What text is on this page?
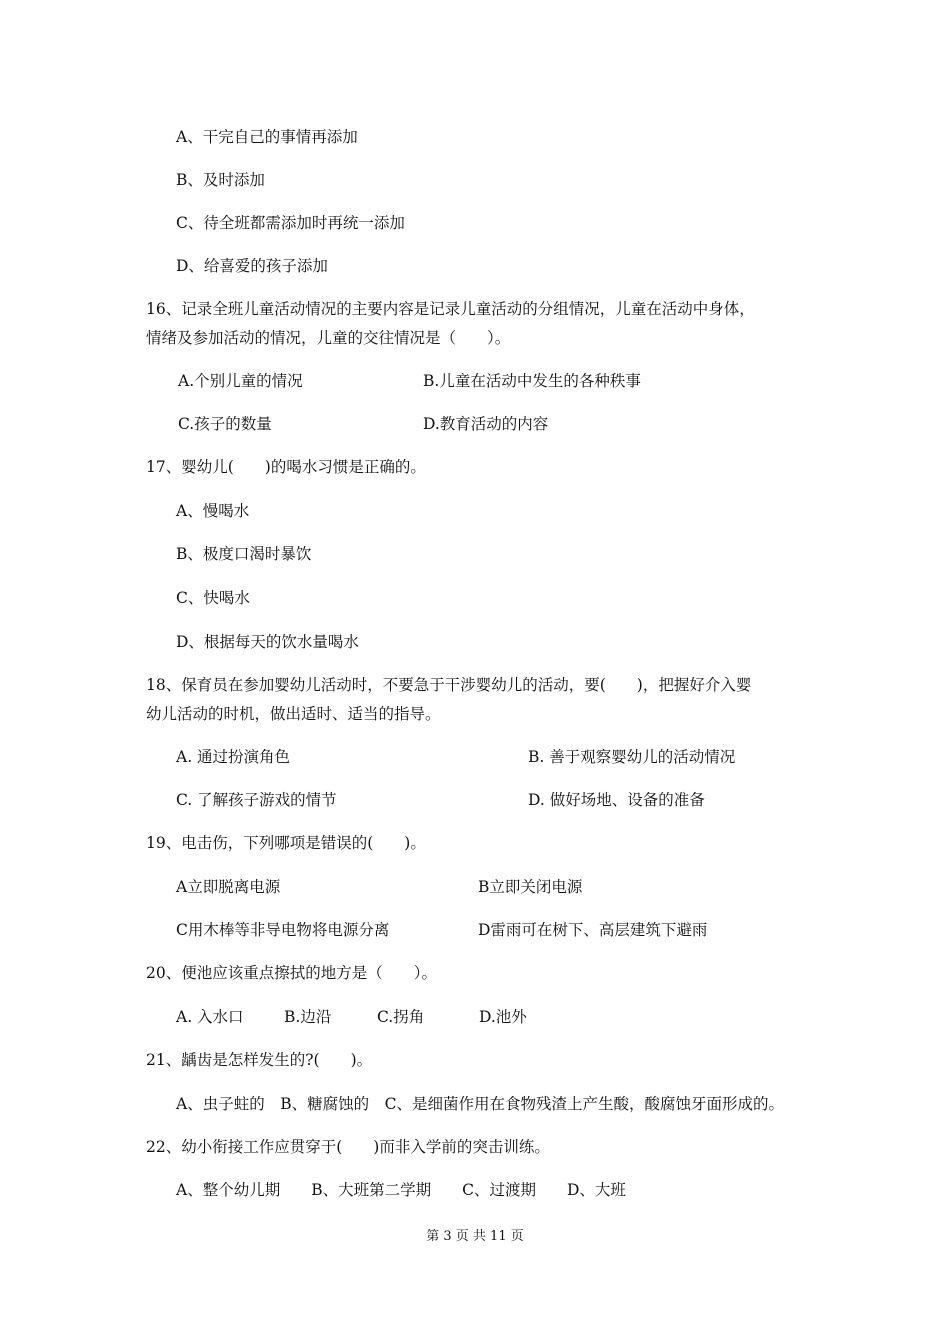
A、干完自己的事情再添加
B、及时添加
C、待全班都需添加时再统一添加
D、给喜爱的孩子添加
16、记录全班儿童活动情况的主要内容是记录儿童活动的分组情况，儿童在活动中身体，
情绪及参加活动的情况，儿童的交往情况是（　　）。
A.个别儿童的情况	B.儿童在活动中发生的各种秩事
C.孩子的数量	D.教育活动的内容
17、婴幼儿(　　)的喝水习惯是正确的。
A、慢喝水
B、极度口渴时暴饮
C、快喝水
D、根据每天的饮水量喝水
18、保育员在参加婴幼儿活动时，不要急于干涉婴幼儿的活动，要(　　)，把握好介入婴
幼儿活动的时机，做出适时、适当的指导。
A. 通过扮演角色	B. 善于观察婴幼儿的活动情况
C. 了解孩子游戏的情节	D. 做好场地、设备的准备
19、电击伤，下列哪项是错误的(　　)。
A立即脱离电源	B立即关闭电源
C用木棒等非导电物将电源分离	D雷雨可在树下、高层建筑下避雨
20、便池应该重点擦拭的地方是（　　）。
A. 入水口	B.边沿	C.拐角	D.池外
21、龋齿是怎样发生的?(　　)。
A、虫子蛀的　B、糖腐蚀的　C、是细菌作用在食物残渣上产生酸，酸腐蚀牙面形成的。
22、幼小衔接工作应贯穿于(　　)而非入学前的突击训练。
A、整个幼儿期　　B、大班第二学期　　C、过渡期　　D、大班
第 3 页 共 11 页
